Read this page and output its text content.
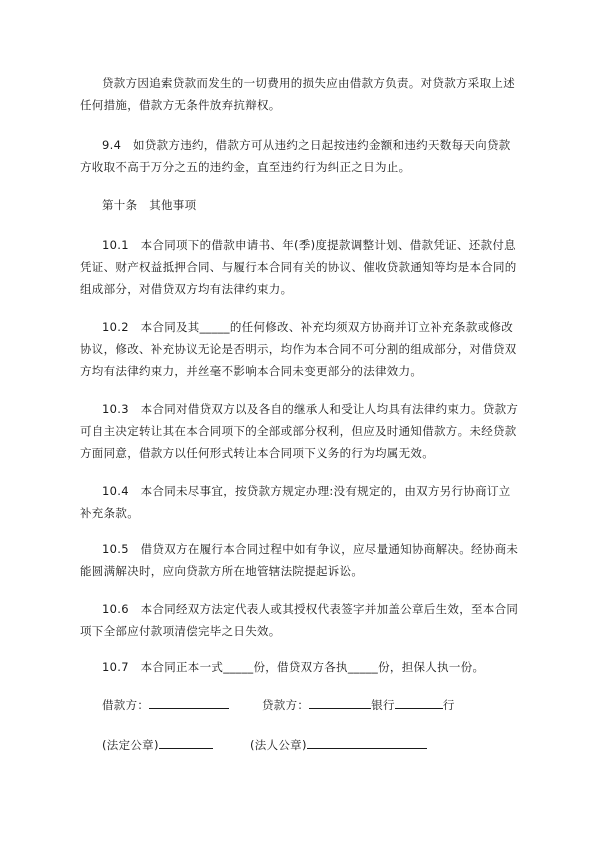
贷款方因追索贷款而发生的一切费用的损失应由借款方负责。对贷款方采取上述任何措施，借款方无条件放弃抗辩权。

9.4　如贷款方违约，借款方可从违约之日起按违约金额和违约天数每天向贷款方收取不高于万分之五的违约金，直至违约行为纠正之日为止。

第十条　其他事项

10.1　本合同项下的借款申请书、年(季)度提款调整计划、借款凭证、还款付息凭证、财产权益抵押合同、与履行本合同有关的协议、催收贷款通知等均是本合同的组成部分，对借贷双方均有法律约束力。

10.2　本合同及其_____的任何修改、补充均须双方协商并订立补充条款或修改协议，修改、补充协议无论是否明示，均作为本合同不可分割的组成部分，对借贷双方均有法律约束力，并丝毫不影响本合同未变更部分的法律效力。

10.3　本合同对借贷双方以及各自的继承人和受让人均具有法律约束力。贷款方可自主决定转让其在本合同项下的全部或部分权利，但应及时通知借款方。未经贷款方面同意，借款方以任何形式转让本合同项下义务的行为均属无效。

10.4　本合同未尽事宜，按贷款方规定办理:没有规定的，由双方另行协商订立补充条款。

10.5　借贷双方在履行本合同过程中如有争议，应尽量通知协商解决。经协商未能圆满解决时，应向贷款方所在地管辖法院提起诉讼。

10.6　本合同经双方法定代表人或其授权代表签字并加盖公章后生效，至本合同项下全部应付款项清偿完毕之日失效。

10.7　本合同正本一式_____份，借贷双方各执_____份，担保人执一份。

借款方：	贷款方：	银行	行
(法定公章)	(法人公章)
